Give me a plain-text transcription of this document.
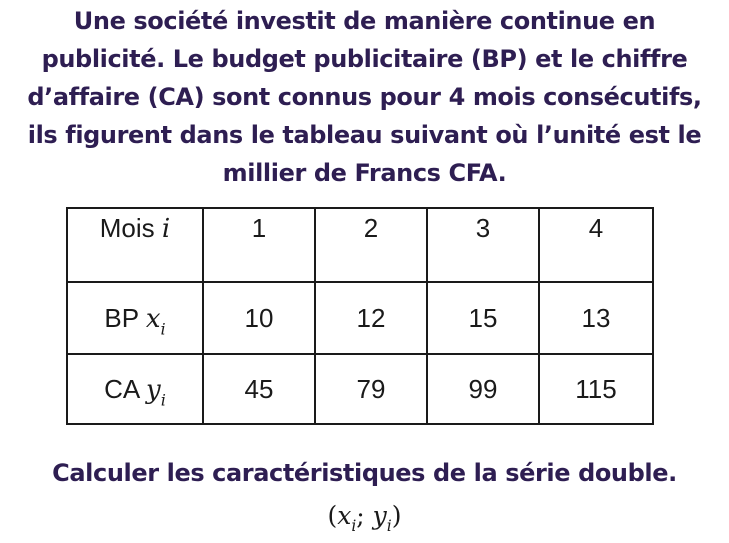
Une société investit de manière continue en
publicité. Le budget publicitaire (BP) et le chiffre
d’affaire (CA) sont connus pour 4 mois consécutifs,
ils figurent dans le tableau suivant où l’unité est le
millier de Francs CFA.
Mois i	1	2	3	4
BP $x_i$	10	12	15	13
CA $y_i$	45	79	99	115
Calculer les caractéristiques de la série double.
($x_i$; $y_i$)
